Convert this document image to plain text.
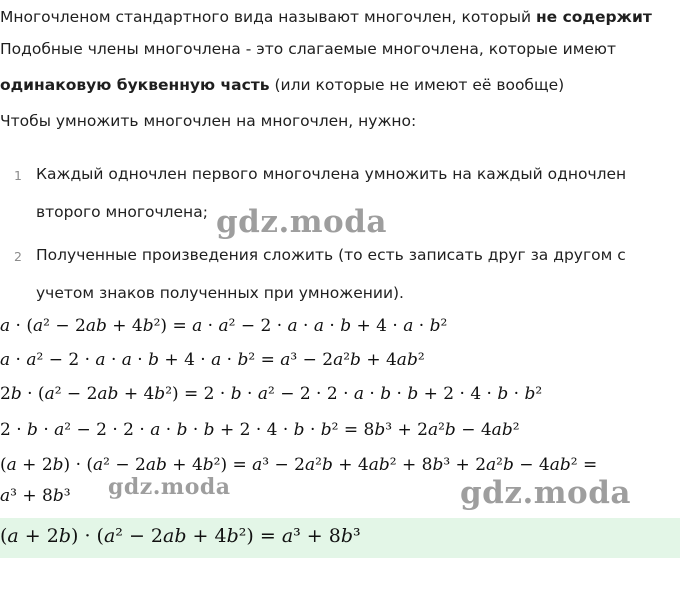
Многочленом стандартного вида называют многочлен, который не содержит
Подобные члены многочлена - это слагаемые многочлена, которые имеют
одинаковую буквенную часть (или которые не имеют её вообще)
Чтобы умножить многочлен на многочлен, нужно:
1 Каждый одночлен первого многочлена умножить на каждый одночлен
второго многочлена;
2 Полученные произведения сложить (то есть записать друг за другом с
учетом знаков полученных при умножении).
a · (a² − 2ab + 4b²) = a · a² − 2 · a · a · b + 4 · a · b²
a · a² − 2 · a · a · b + 4 · a · b² = a³ − 2a²b + 4ab²
2b · (a² − 2ab + 4b²) = 2 · b · a² − 2 · 2 · a · b · b + 2 · 4 · b · b²
2 · b · a² − 2 · 2 · a · b · b + 2 · 4 · b · b² = 8b³ + 2a²b − 4ab²
(a + 2b) · (a² − 2ab + 4b²) = a³ − 2a²b + 4ab² + 8b³ + 2a²b − 4ab² =
a³ + 8b³
(a + 2b) · (a² − 2ab + 4b²) = a³ + 8b³
gdz.moda
gdz.moda	gdz.moda
